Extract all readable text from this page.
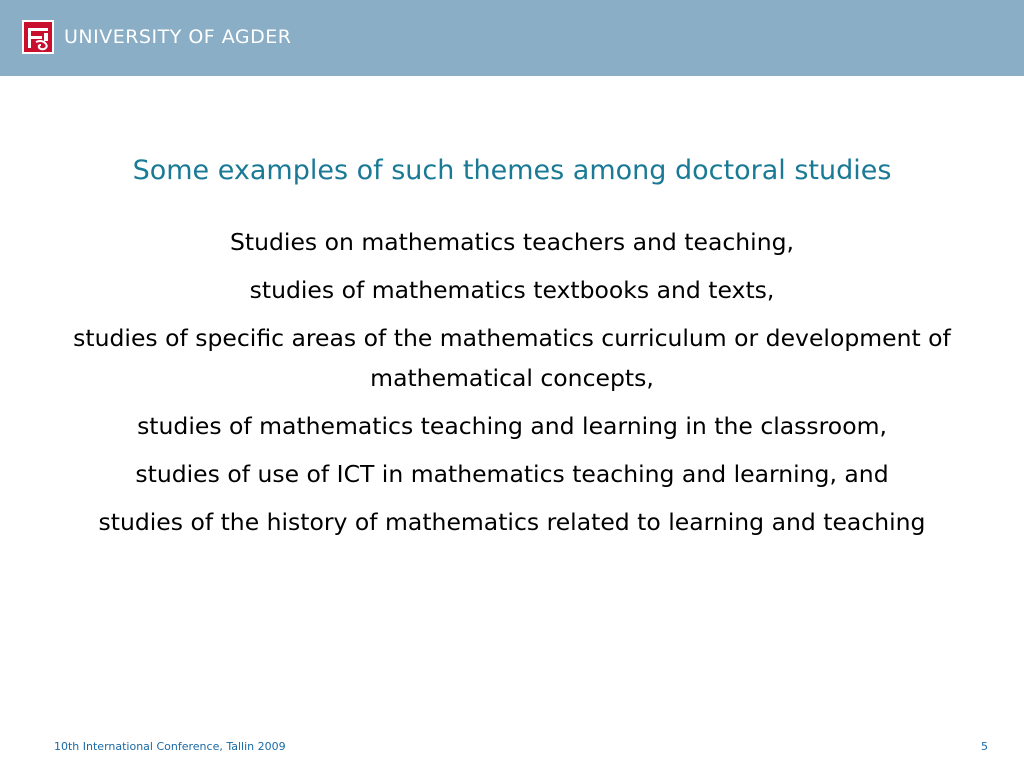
UNIVERSITY OF AGDER
Some examples of such themes among doctoral studies

Studies on mathematics teachers and teaching,

studies of mathematics textbooks and texts,

studies of specific areas of the mathematics curriculum or development of mathematical concepts,

studies of mathematics teaching and learning in the classroom,

studies of use of ICT in mathematics teaching and learning, and

studies of the history of mathematics related to learning and teaching

10th International Conference, Tallin 2009	5
